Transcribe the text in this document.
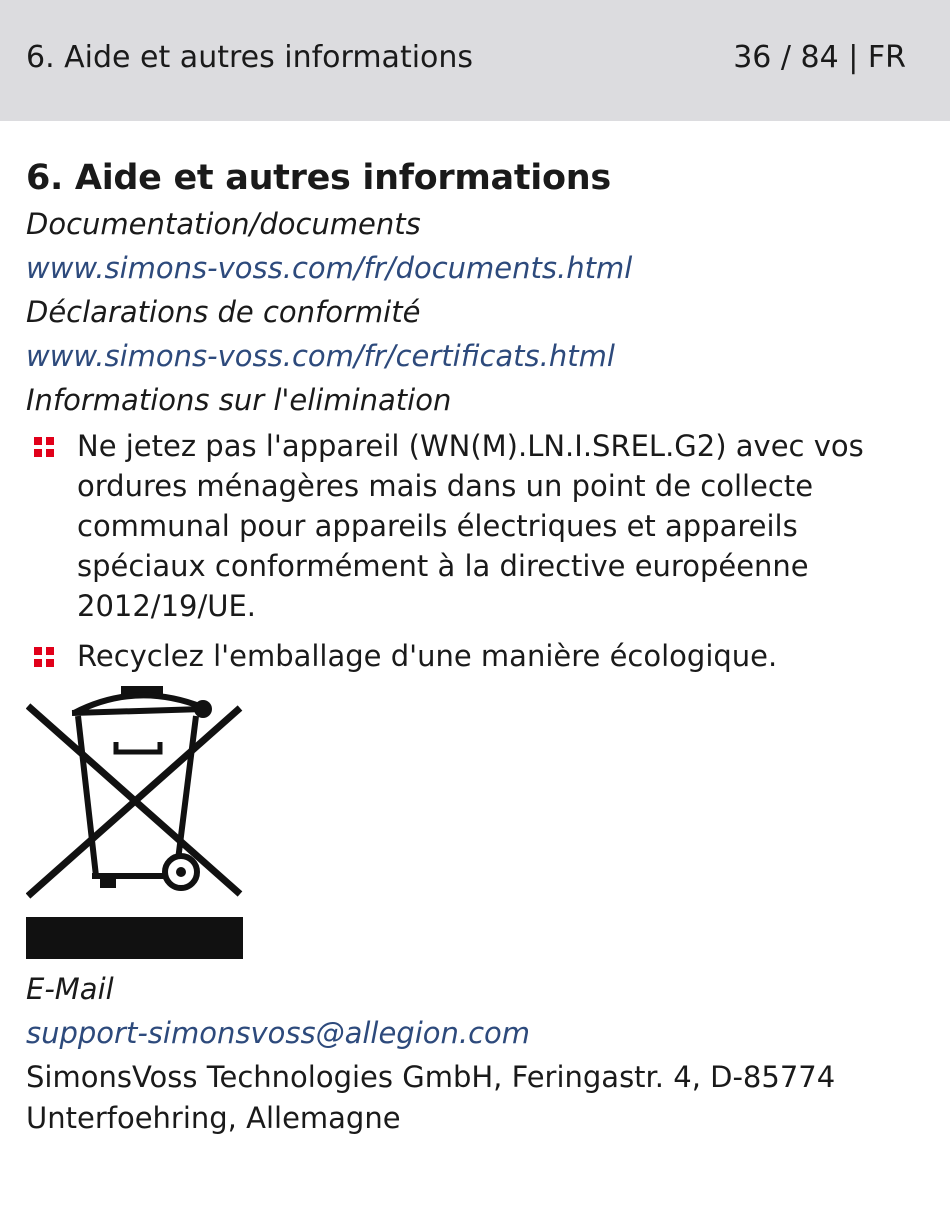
6. Aide et autres informations	36 / 84 | FR
6. Aide et autres informations
Documentation/documents
www.simons-voss.com/fr/documents.html
Déclarations de conformité
www.simons-voss.com/fr/certificats.html
Informations sur l'elimination
Ne jetez pas l'appareil (WN(M).LN.I.SREL.G2) avec vos ordures ménagères mais dans un point de collecte communal pour appareils électriques et appareils spéciaux conformément à la directive européenne 2012/19/UE.
Recyclez l'emballage d'une manière écologique.
E-Mail
support-simonsvoss@allegion.com
SimonsVoss Technologies GmbH, Feringastr. 4, D-85774 Unterfoehring, Allemagne
